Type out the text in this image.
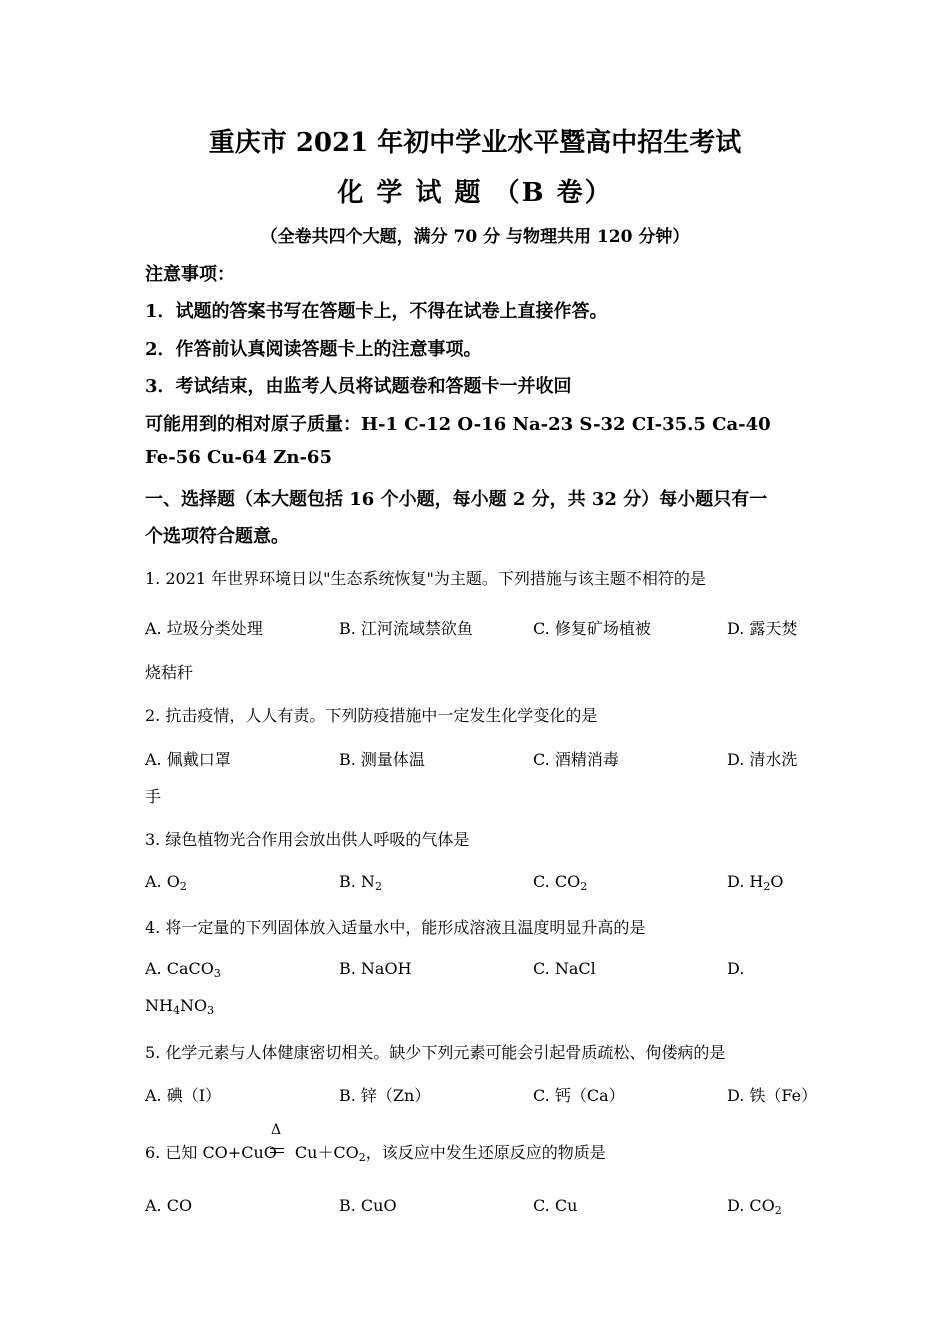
重庆市 2021 年初中学业水平暨高中招生考试
化 学 试 题 （B 卷）
（全卷共四个大题，满分 70 分 与物理共用 120 分钟）
注意事项：
1．试题的答案书写在答题卡上，不得在试卷上直接作答。
2．作答前认真阅读答题卡上的注意事项。
3．考试结束，由监考人员将试题卷和答题卡一并收回
可能用到的相对原子质量：H-1 C-12 O-16 Na-23 S-32 CI-35.5 Ca-40
Fe-56 Cu-64 Zn-65
一、选择题（本大题包括 16 个小题，每小题 2 分，共 32 分）每小题只有一
个选项符合题意。
1. 2021 年世界环境日以"生态系统恢复"为主题。下列措施与该主题不相符的是
A. 垃圾分类处理	B. 江河流域禁欲鱼	C. 修复矿场植被	D. 露天焚
烧秸秆
2. 抗击疫情，人人有责。下列防疫措施中一定发生化学变化的是
A. 佩戴口罩	B. 测量体温	C. 酒精消毒	D. 清水洗
手
3. 绿色植物光合作用会放出供人呼吸的气体是
A. $O_2$	B. $N_2$	C. $CO_2$	D. $H_2O$
4. 将一定量的下列固体放入适量水中，能形成溶液且温度明显升高的是
A. CaCO$_3$	B. NaOH	C. NaCl	D.
$NH_4NO_3$
5. 化学元素与人体健康密切相关。缺少下列元素可能会引起骨质疏松、佝偻病的是
A. 碘（I）	B. 锌（Zn）	C. 钙（Ca）	D. 铁（Fe）
6. 已知 CO+CuO $Cu+CO_2$，该反应中发生还原反应的物质是
Δ
A. CO	B. CuO	C. Cu	D. $CO_2$
